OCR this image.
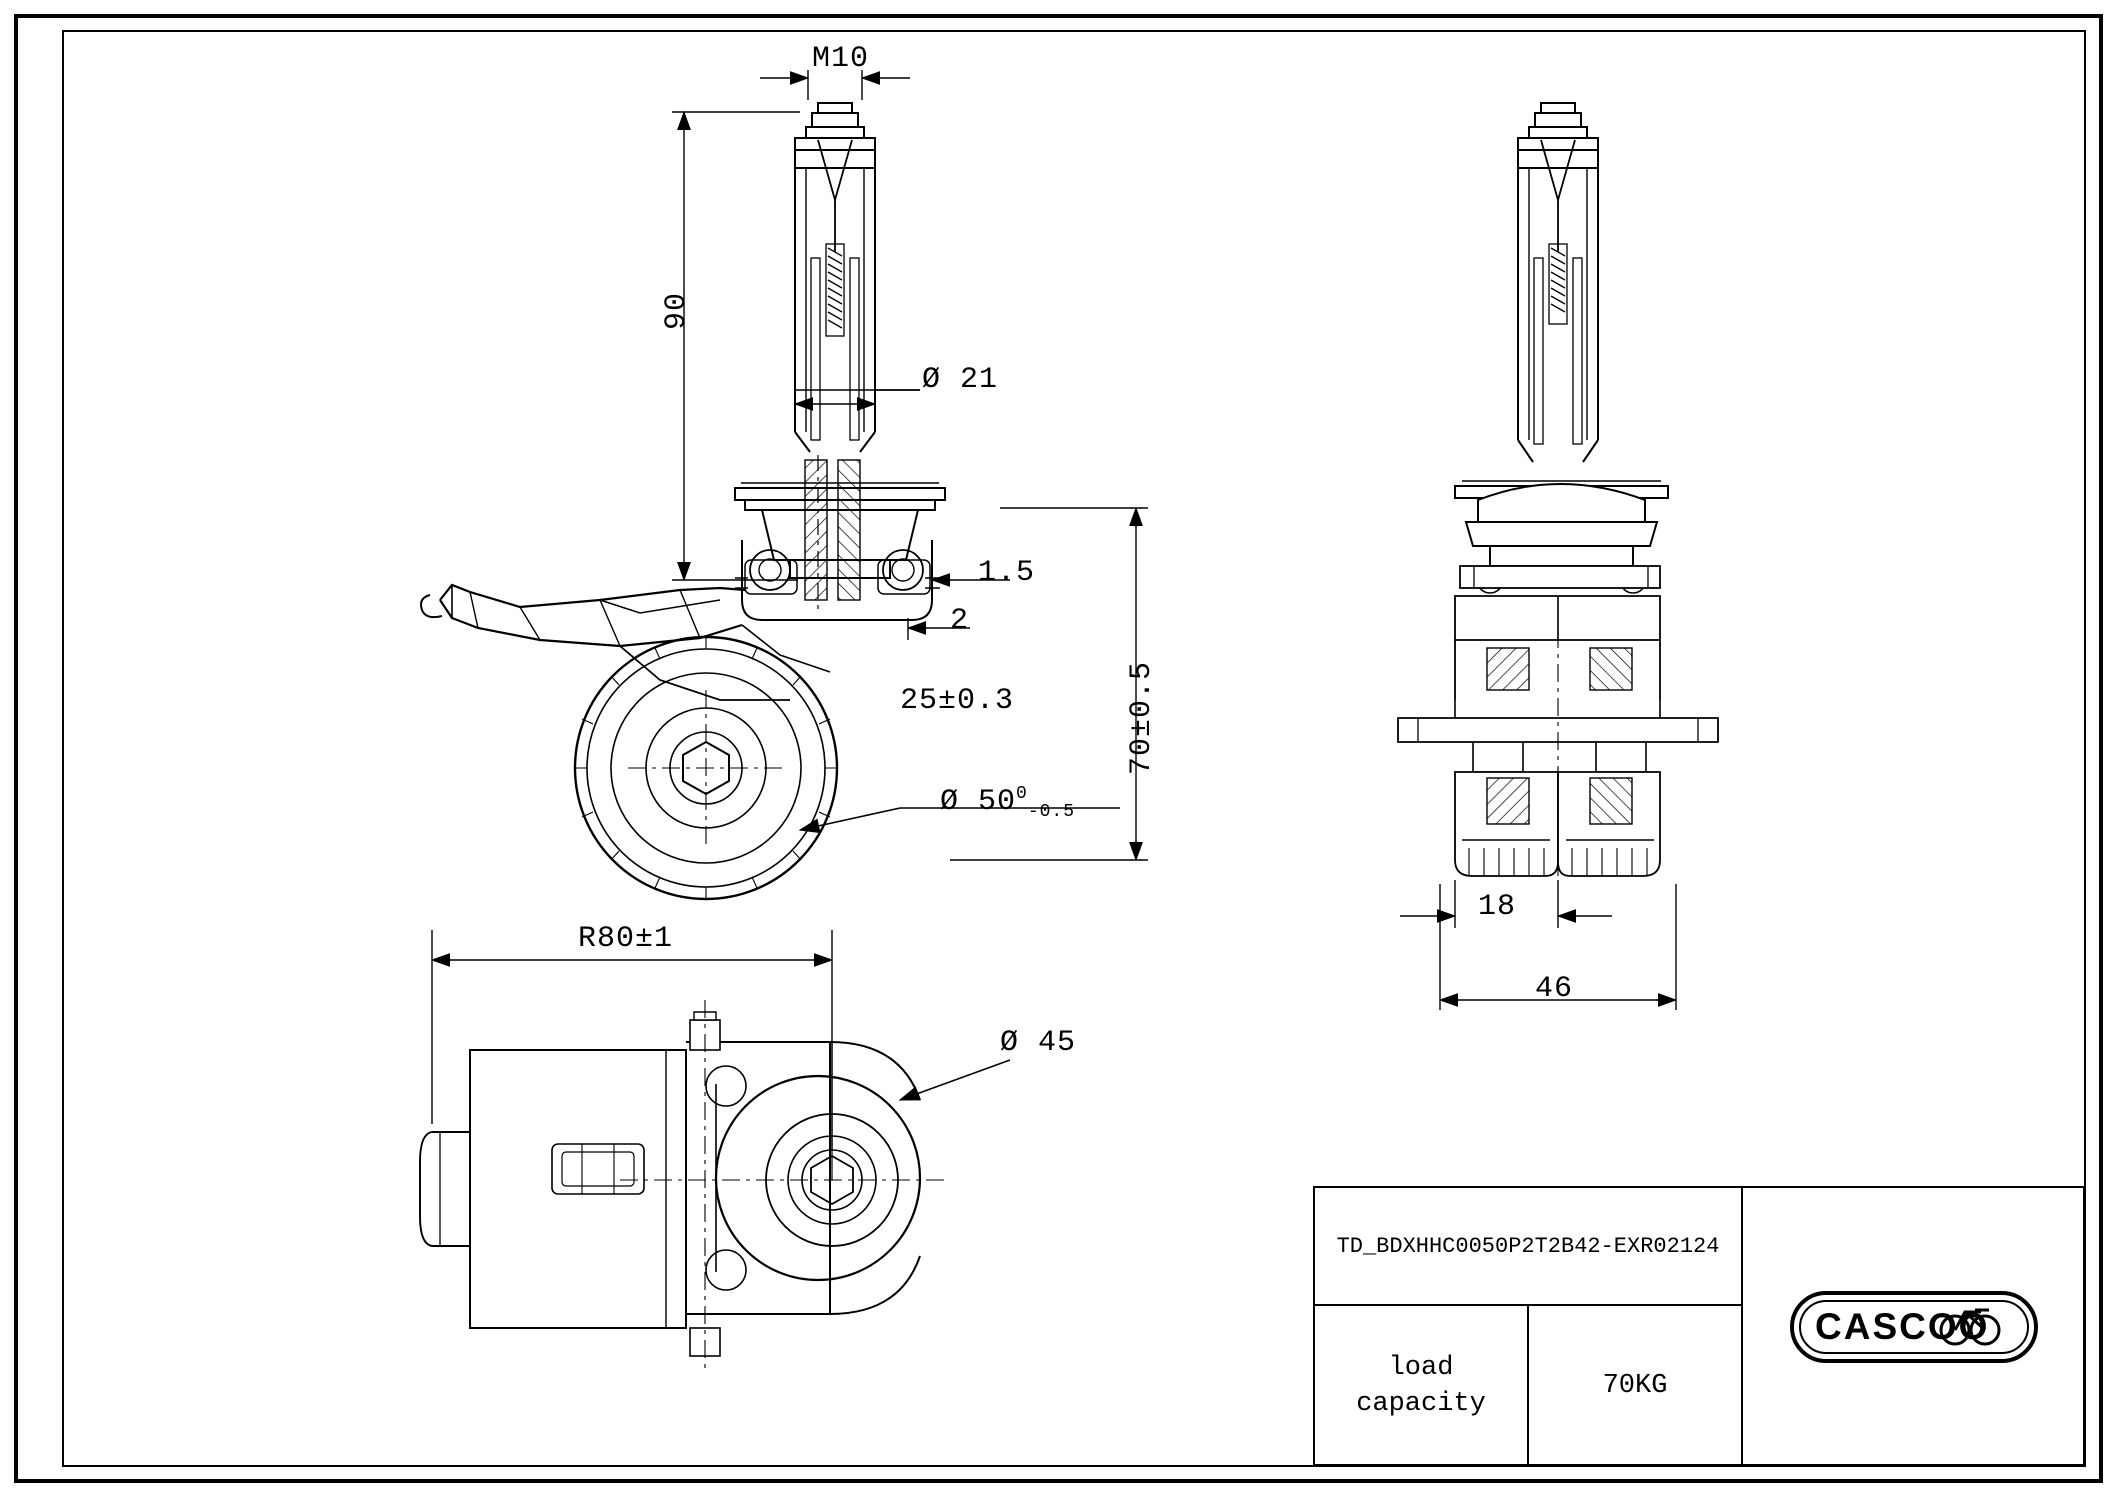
M10
90
Ø 21
1.5
2
25±0.3	70±0.5
Ø $50^0_{-0.5}$
18
46
R80±1
Ø 45
TD_BDXHHC0050P2T2B42-EXR02124
load
capacity
70KG
CASCOO
